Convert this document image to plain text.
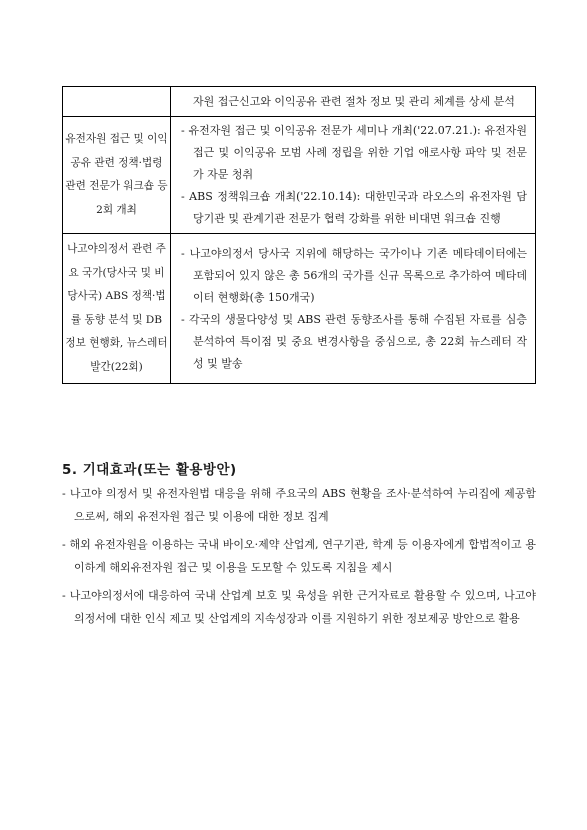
	자원 접근신고와 이익공유 관련 절차 정보 및 관리 체계를 상세 분석

유전자원 접근 및 이익공유 관련 정책·법령 관련 전문가 워크숍 등 2회 개최	- 유전자원 접근 및 이익공유 전문가 세미나 개최('22.07.21.): 유전자원 접근 및 이익공유 모범 사례 정립을 위한 기업 애로사항 파악 및 전문가 자문 청취
- ABS 정책워크숍 개최('22.10.14): 대한민국과 라오스의 유전자원 담당기관 및 관계기관 전문가 협력 강화를 위한 비대면 워크숍 진행

나고야의정서 관련 주요 국가(당사국 및 비당사국) ABS 정책·법률 동향 분석 및 DB 정보 현행화, 뉴스레터 발간(22회)	- 나고야의정서 당사국 지위에 해당하는 국가이나 기존 메타데이터에는 포함되어 있지 않은 총 56개의 국가를 신규 목록으로 추가하여 메타데이터 현행화(총 150개국)
- 각국의 생물다양성 및 ABS 관련 동향조사를 통해 수집된 자료를 심층 분석하여 특이점 및 중요 변경사항을 중심으로, 총 22회 뉴스레터 작성 및 발송
5. 기대효과(또는 활용방안)
- 나고야 의정서 및 유전자원법 대응을 위해 주요국의 ABS 현황을 조사·분석하여 누리집에 제공함으로써, 해외 유전자원 접근 및 이용에 대한 정보 집계
- 해외 유전자원을 이용하는 국내 바이오·제약 산업계, 연구기관, 학계 등 이용자에게 합법적이고 용이하게 해외유전자원 접근 및 이용을 도모할 수 있도록 지침을 제시
- 나고야의정서에 대응하여 국내 산업계 보호 및 육성을 위한 근거자료로 활용할 수 있으며, 나고야의정서에 대한 인식 제고 및 산업계의 지속성장과 이를 지원하기 위한 정보제공 방안으로 활용
